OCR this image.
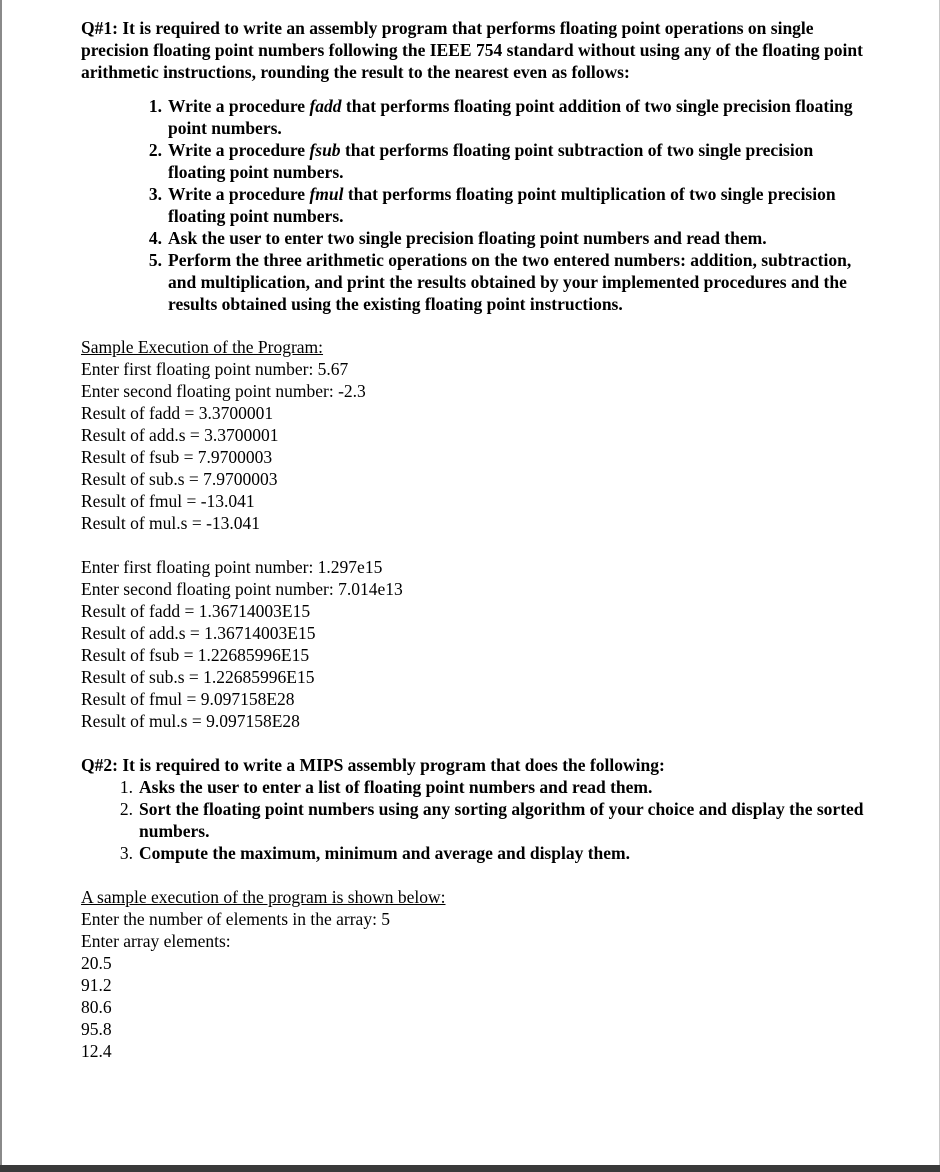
Q#1: It is required to write an assembly program that performs floating point operations on single precision floating point numbers following the IEEE 754 standard without using any of the floating point arithmetic instructions, rounding the result to the nearest even as follows:

1. Write a procedure fadd that performs floating point addition of two single precision floating point numbers.
2. Write a procedure fsub that performs floating point subtraction of two single precision floating point numbers.
3. Write a procedure fmul that performs floating point multiplication of two single precision floating point numbers.
4. Ask the user to enter two single precision floating point numbers and read them.
5. Perform the three arithmetic operations on the two entered numbers: addition, subtraction, and multiplication, and print the results obtained by your implemented procedures and the results obtained using the existing floating point instructions.
Sample Execution of the Program:
Enter first floating point number: 5.67
Enter second floating point number: -2.3
Result of fadd = 3.3700001
Result of add.s = 3.3700001
Result of fsub = 7.9700003
Result of sub.s = 7.9700003
Result of fmul = -13.041
Result of mul.s = -13.041
Enter first floating point number: 1.297e15
Enter second floating point number: 7.014e13
Result of fadd = 1.36714003E15
Result of add.s = 1.36714003E15
Result of fsub = 1.22685996E15
Result of sub.s = 1.22685996E15
Result of fmul = 9.097158E28
Result of mul.s = 9.097158E28

Q#2: It is required to write a MIPS assembly program that does the following:

1. Asks the user to enter a list of floating point numbers and read them.
2. Sort the floating point numbers using any sorting algorithm of your choice and display the sorted numbers.
3. Compute the maximum, minimum and average and display them.
A sample execution of the program is shown below:
Enter the number of elements in the array: 5
Enter array elements:
20.5
91.2
80.6
95.8
12.4
